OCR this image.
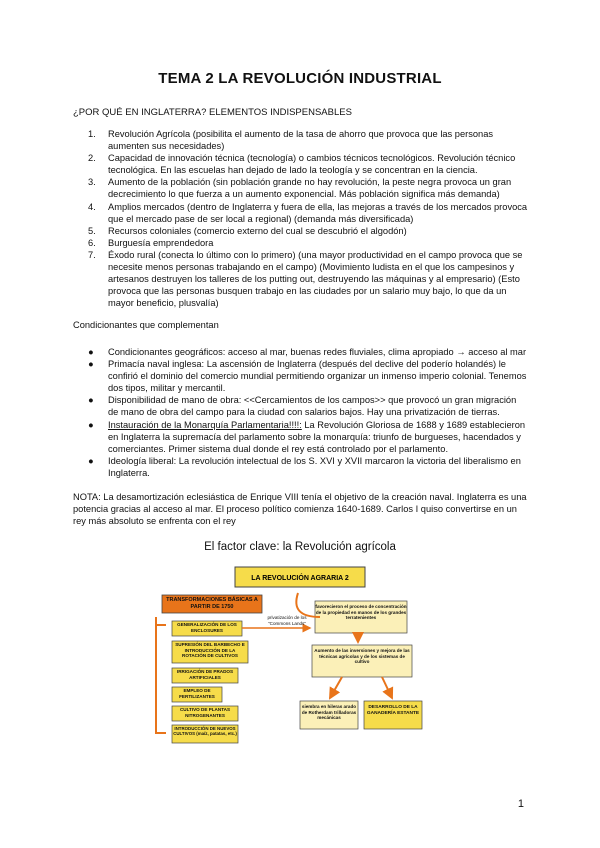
TEMA 2 LA REVOLUCIÓN INDUSTRIAL
¿POR QUÉ EN INGLATERRA? ELEMENTOS INDISPENSABLES
1. Revolución Agrícola (posibilita el aumento de la tasa de ahorro que provoca que las personas aumenten sus necesidades)
2. Capacidad de innovación técnica (tecnología) o cambios técnicos tecnológicos. Revolución técnico tecnológica. En las escuelas han dejado de lado la teología y se concentran en la ciencia.
3. Aumento de la población (sin población grande no hay revolución, la peste negra provoca un gran decrecimiento lo que fuerza a un aumento exponencial. Más población significa más demanda)
4. Amplios mercados (dentro de Inglaterra y fuera de ella, las mejoras a través de los mercados provoca que el mercado pase de ser local a regional) (demanda más diversificada)
5. Recursos coloniales (comercio externo del cual se descubrió el algodón)
6. Burguesía emprendedora
7. Éxodo rural (conecta lo último con lo primero) (una mayor productividad en el campo provoca que se necesite menos personas trabajando en el campo) (Movimiento ludista en el que los campesinos y artesanos destruyen los talleres de los putting out, destruyendo las máquinas y al empresario) (Esto provoca que las personas busquen trabajo en las ciudades por un salario muy bajo, lo que da un mayor beneficio, plusvalía)
Condicionantes que complementan
● Condicionantes geográficos: acceso al mar, buenas redes fluviales, clima apropiado → acceso al mar
● Primacía naval inglesa: La ascensión de Inglaterra (después del declive del poderío holandés) le confirió el dominio del comercio mundial permitiendo organizar un inmenso imperio colonial. Tenemos dos tipos, militar y mercantil.
● Disponibilidad de mano de obra: <<Cercamientos de los campos>> que provocó un gran migración de mano de obra del campo para la ciudad con salarios bajos. Hay una privatización de tierras.
● Instauración de la Monarquía Parlamentaria!!!!: La Revolución Gloriosa de 1688 y 1689 establecieron en Inglaterra la supremacía del parlamento sobre la monarquía: triunfo de burgueses, hacendados y comerciantes. Primer sistema dual donde el rey está controlado por el parlamento.
● Ideología liberal: La revolución intelectual de los S. XVI y XVII marcaron la victoria del liberalismo en Inglaterra.
NOTA: La desamortización eclesiástica de Enrique VIII tenía el objetivo de la creación naval. Inglaterra es una potencia gracias al acceso al mar. El proceso político comienza 1640-1689. Carlos I quiso convertirse en un rey más absoluto se enfrenta con el rey
El factor clave: la Revolución agrícola
LA REVOLUCIÓN AGRARIA 2
TRANSFORMACIONES BÁSICAS A PARTIR DE 1750
GENERALIZACIÓN DE LOS ENCLOSURES
SUPRESIÓN DEL BARBECHO E INTRODUCCIÓN DE LA ROTACIÓN DE CULTIVOS
IRRIGACIÓN DE PRADOS ARTIFICIALES
EMPLEO DE FERTILIZANTES
CULTIVO DE PLANTAS NITROGENANTES
INTRODUCCIÓN DE NUEVOS CULTIVOS (maíz, patatas, etc.)
privatización de los "Commons Lands"
favorecieron el proceso de concentración de la propiedad en manos de los grandes terratenientes
Aumento de las inversiones y mejora de las técnicas agrícolas y de los sistemas de cultivo
siembra en hileras arado de Rotherdam trilladoras mecánicas
DESARROLLO DE LA GANADERÍA ESTANTE
1
